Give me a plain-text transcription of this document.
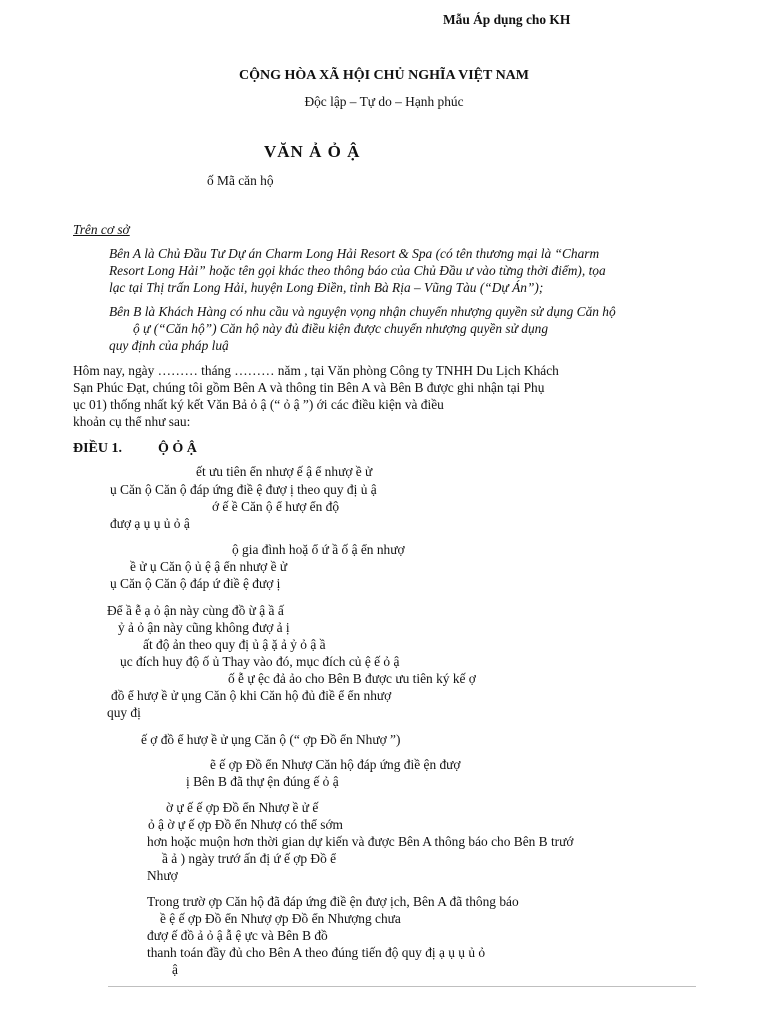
Mẫu Áp dụng cho KH
CỘNG HÒA XÃ HỘI CHỦ NGHĨA VIỆT NAM
Độc lập – Tự do – Hạnh phúc
VĂN Ả Ỏ Ậ
ố Mã căn hộ
Trên cơ sở
Bên A là Chủ Đầu Tư Dự án Charm Long Hải Resort & Spa (có tên thương mại là “Charm
Resort Long Hải” hoặc tên gọi khác theo thông báo của Chủ Đầu ư vào từng thời điểm), tọa
lạc tại Thị trấn Long Hải, huyện Long Điền, tỉnh Bà Rịa – Vũng Tàu (“Dự Án”);
Bên B là Khách Hàng có nhu cầu và nguyện vọng nhận chuyển nhượng quyền sử dụng Căn hộ
ộ ự (“Căn hộ”) Căn hộ này đủ điều kiện được chuyển nhượng quyền sử dụng
quy định của pháp luậ
Hôm nay, ngày ……… tháng ……… năm , tại Văn phòng Công ty TNHH Du Lịch Khách
Sạn Phúc Đạt, chúng tôi gồm Bên A và thông tin Bên A và Bên B được ghi nhận tại Phụ
ục 01) thống nhất ký kết Văn Bả ỏ ậ (“ ỏ ậ ”) ới các điều kiện và điều
khoản cụ thể như sau:
ĐIỀU 1.	Ộ Ỏ Ậ
ết ưu tiên ển nhượ ế ậ ể nhượ ề ử
ụ Căn ộ Căn ộ đáp ứng điề ệ đượ ị theo quy đị ủ ậ
ớ ế ề Căn ộ ể hượ ển độ
đượ ạ ụ ụ ủ ỏ ậ
ộ gia đình hoặ ổ ứ ầ ố ậ ển nhượ
ề ử ụ Căn ộ ủ ệ ậ ển nhượ ề ử
ụ Căn ộ Căn ộ đáp ứ điề ệ đượ ị
Để ầ ễ ạ ỏ ận này cùng đồ ừ ậ ầ ấ
ỷ ả ỏ ận này cũng không đượ ả ị
ất độ ản theo quy đị ủ ậ ặ ả ỷ ỏ ậ ầ
ục đích huy độ ố ủ Thay vào đó, mục đích củ ệ ế ỏ ậ
ố ễ ự ệc đả ảo cho Bên B được ưu tiên ký kế ợ
đồ ể hượ ề ử ụng Căn ộ khi Căn hộ đủ điề ể ển nhượ
quy đị
ế ợ đồ ể hượ ề ử ụng Căn ộ (“ ợp Đồ ển Nhượ ”)
ẽ ế ợp Đồ ển Nhượ Căn hộ đáp ứng điề ện đượ
ị Bên B đã thự ện đúng ế ỏ ậ
ờ ự ế ế ợp Đồ ển Nhượ ề ử ế
ỏ ậ ờ ự ế ợp Đồ ển Nhượ có thể sớm
hơn hoặc muộn hơn thời gian dự kiến và được Bên A thông báo cho Bên B trướ
ầ ả ) ngày trướ ấn đị ứ ế ợp Đồ ể
Nhượ
Trong trườ ợp Căn hộ đã đáp ứng điề ện đượ ịch, Bên A đã thông báo
ề ệ ế ợp Đồ ển Nhượ ợp Đồ ển Nhượng chưa
đượ ế đồ ả ỏ ậ ẫ ệ ực và Bên B đồ
thanh toán đầy đủ cho Bên A theo đúng tiến độ quy đị ạ ụ ụ ủ ỏ
ậ
